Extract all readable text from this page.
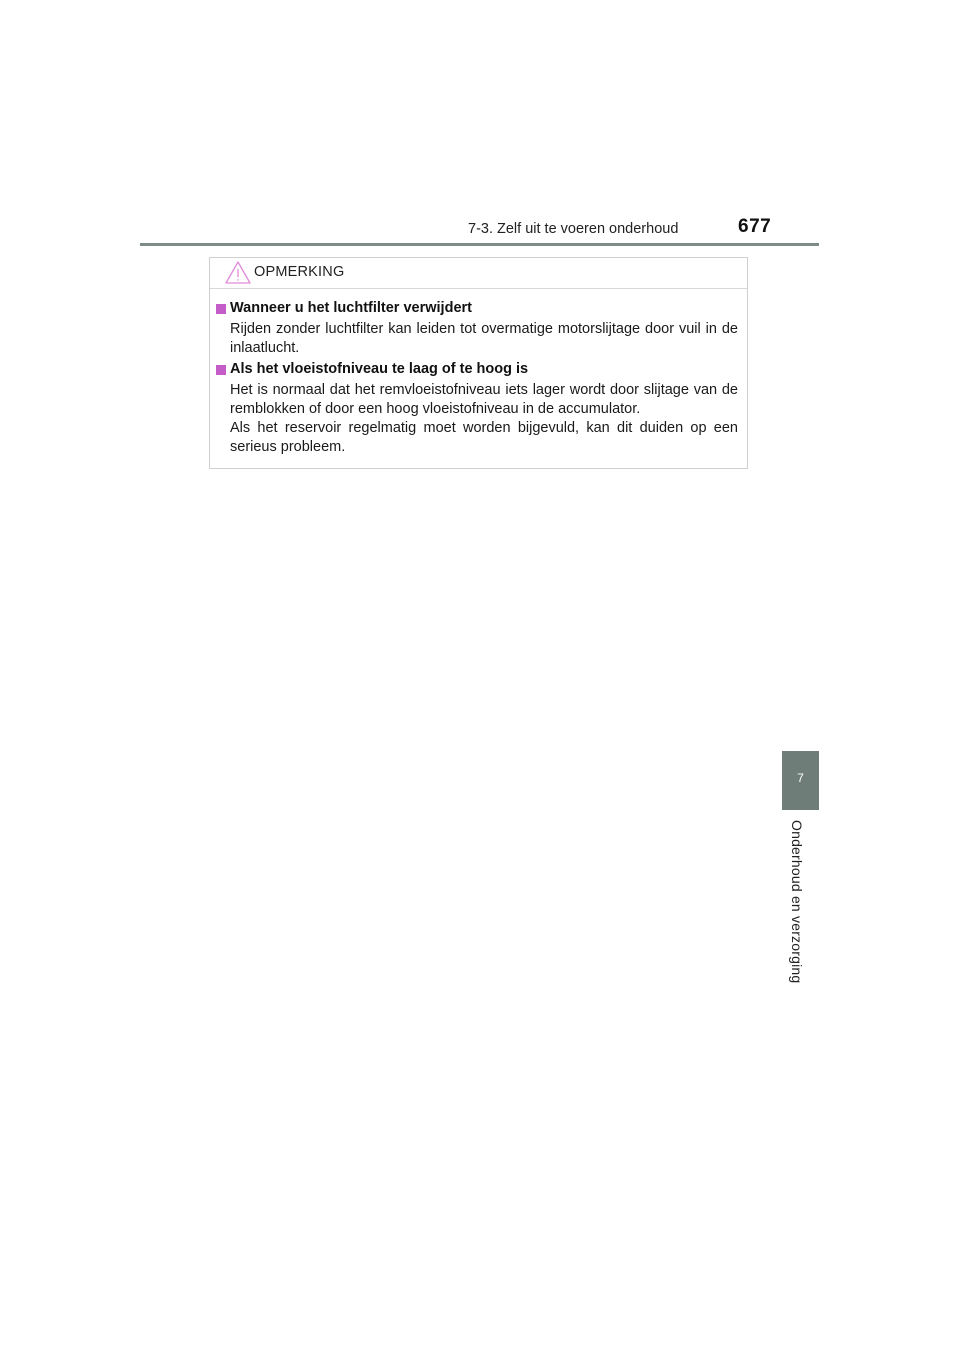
7-3. Zelf uit te voeren onderhoud	677
OPMERKING
Wanneer u het luchtfilter verwijdert

Rijden zonder luchtfilter kan leiden tot overmatige motorslijtage door vuil in de inlaatlucht.

Als het vloeistofniveau te laag of te hoog is

Het is normaal dat het remvloeistofniveau iets lager wordt door slijtage van de remblokken of door een hoog vloeistofniveau in de accumulator.

Als het reservoir regelmatig moet worden bijgevuld, kan dit duiden op een serieus probleem.

7
Onderhoud en verzorging
